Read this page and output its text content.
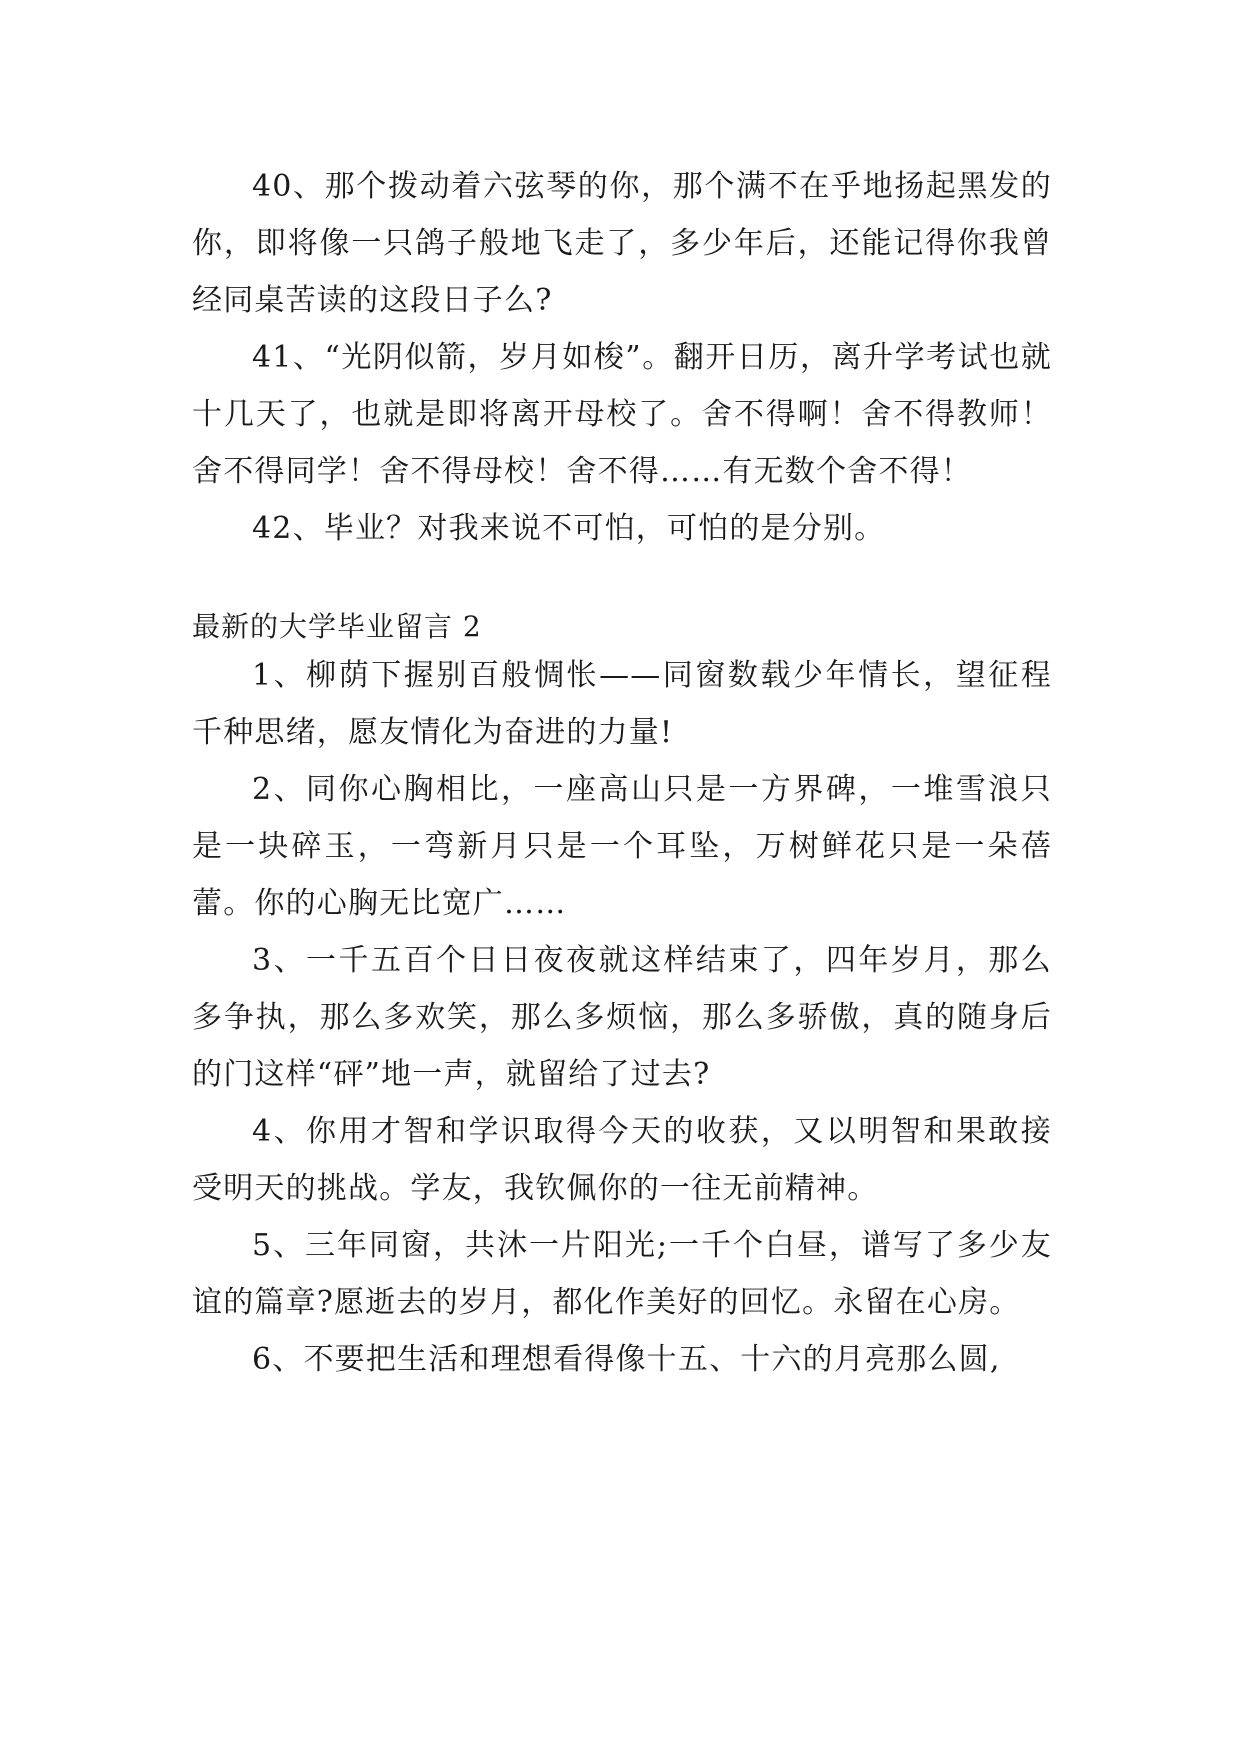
40、那个拨动着六弦琴的你，那个满不在乎地扬起黑发的你，即将像一只鸽子般地飞走了，多少年后，还能记得你我曾经同桌苦读的这段日子么?

41、“光阴似箭，岁月如梭”。翻开日历，离升学考试也就十几天了，也就是即将离开母校了。舍不得啊！舍不得教师！舍不得同学！舍不得母校！舍不得……有无数个舍不得！

42、毕业？对我来说不可怕，可怕的是分别。

最新的大学毕业留言 2

1、柳荫下握别百般惆怅——同窗数载少年情长，望征程千种思绪，愿友情化为奋进的力量!

2、同你心胸相比，一座高山只是一方界碑，一堆雪浪只是一块碎玉，一弯新月只是一个耳坠，万树鲜花只是一朵蓓蕾。你的心胸无比宽广……

3、一千五百个日日夜夜就这样结束了，四年岁月，那么多争执，那么多欢笑，那么多烦恼，那么多骄傲，真的随身后的门这样“砰”地一声，就留给了过去?

4、你用才智和学识取得今天的收获，又以明智和果敢接受明天的挑战。学友，我钦佩你的一往无前精神。

5、三年同窗，共沐一片阳光;一千个白昼，谱写了多少友谊的篇章?愿逝去的岁月，都化作美好的回忆。永留在心房。

6、不要把生活和理想看得像十五、十六的月亮那么圆,
